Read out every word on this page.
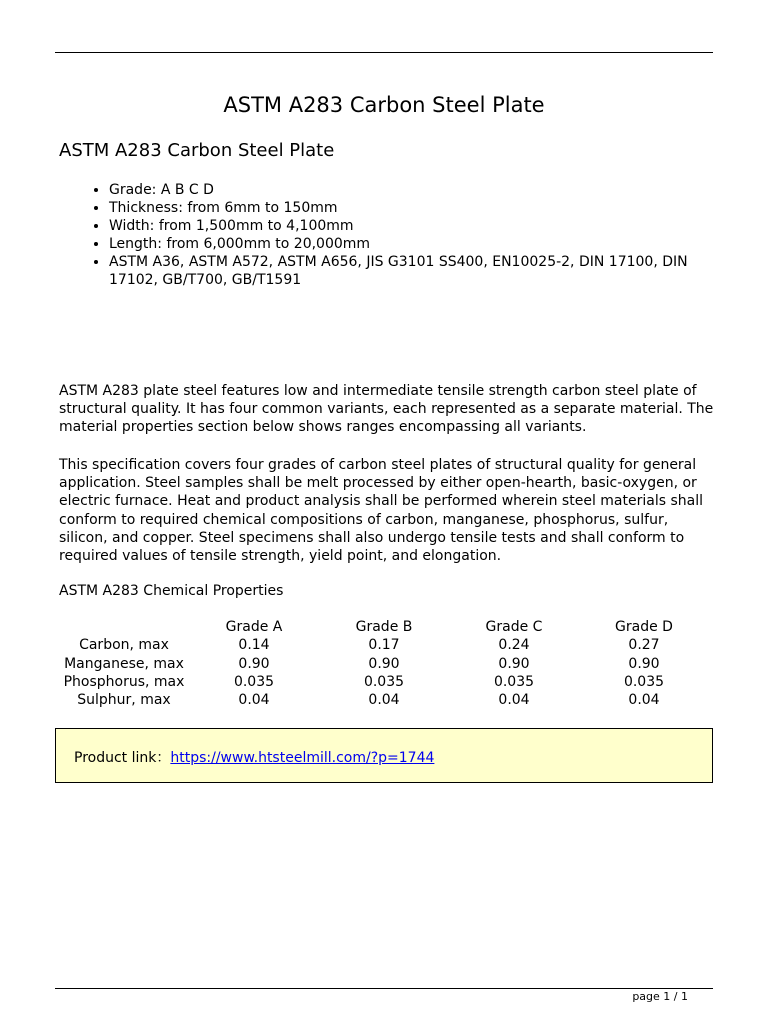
ASTM A283 Carbon Steel Plate
ASTM A283 Carbon Steel Plate
• Grade: A B C D
• Thickness: from 6mm to 150mm
• Width: from 1,500mm to 4,100mm
• Length: from 6,000mm to 20,000mm
• ASTM A36, ASTM A572, ASTM A656, JIS G3101 SS400, EN10025-2, DIN 17100, DIN 17102, GB/T700, GB/T1591

ASTM A283 plate steel features low and intermediate tensile strength carbon steel plate of structural quality. It has four common variants, each represented as a separate material. The material properties section below shows ranges encompassing all variants.

This specification covers four grades of carbon steel plates of structural quality for general application. Steel samples shall be melt processed by either open-hearth, basic-oxygen, or electric furnace. Heat and product analysis shall be performed wherein steel materials shall conform to required chemical compositions of carbon, manganese, phosphorus, sulfur, silicon, and copper. Steel specimens shall also undergo tensile tests and shall conform to required values of tensile strength, yield point, and elongation.

ASTM A283 Chemical Properties
	Grade A	Grade B	Grade C	Grade D
Carbon, max	0.14	0.17	0.24	0.27
Manganese, max	0.90	0.90	0.90	0.90
Phosphorus, max	0.035	0.035	0.035	0.035
Sulphur, max	0.04	0.04	0.04	0.04
Product link：https://www.htsteelmill.com/?p=1744
page 1 / 1
